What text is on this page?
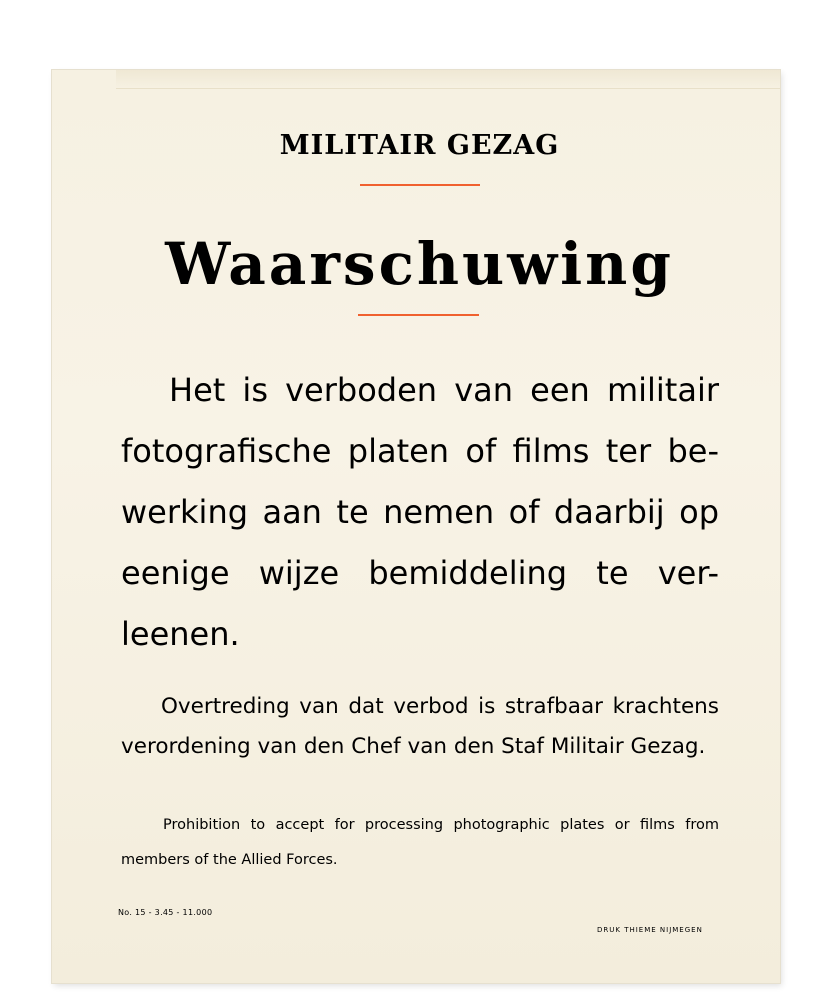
MILITAIR GEZAG
Waarschuwing

Het is verboden van een militair fotografische platen of films ter be-werking aan te nemen of daarbij op eenige wijze bemiddeling te ver-leenen.

Overtreding van dat verbod is strafbaar krachtens verordening van den Chef van den Staf Militair Gezag.

Prohibition to accept for processing photographic plates or films from members of the Allied Forces.

No. 15 - 3.45 - 11.000

DRUK THIEME NIJMEGEN
